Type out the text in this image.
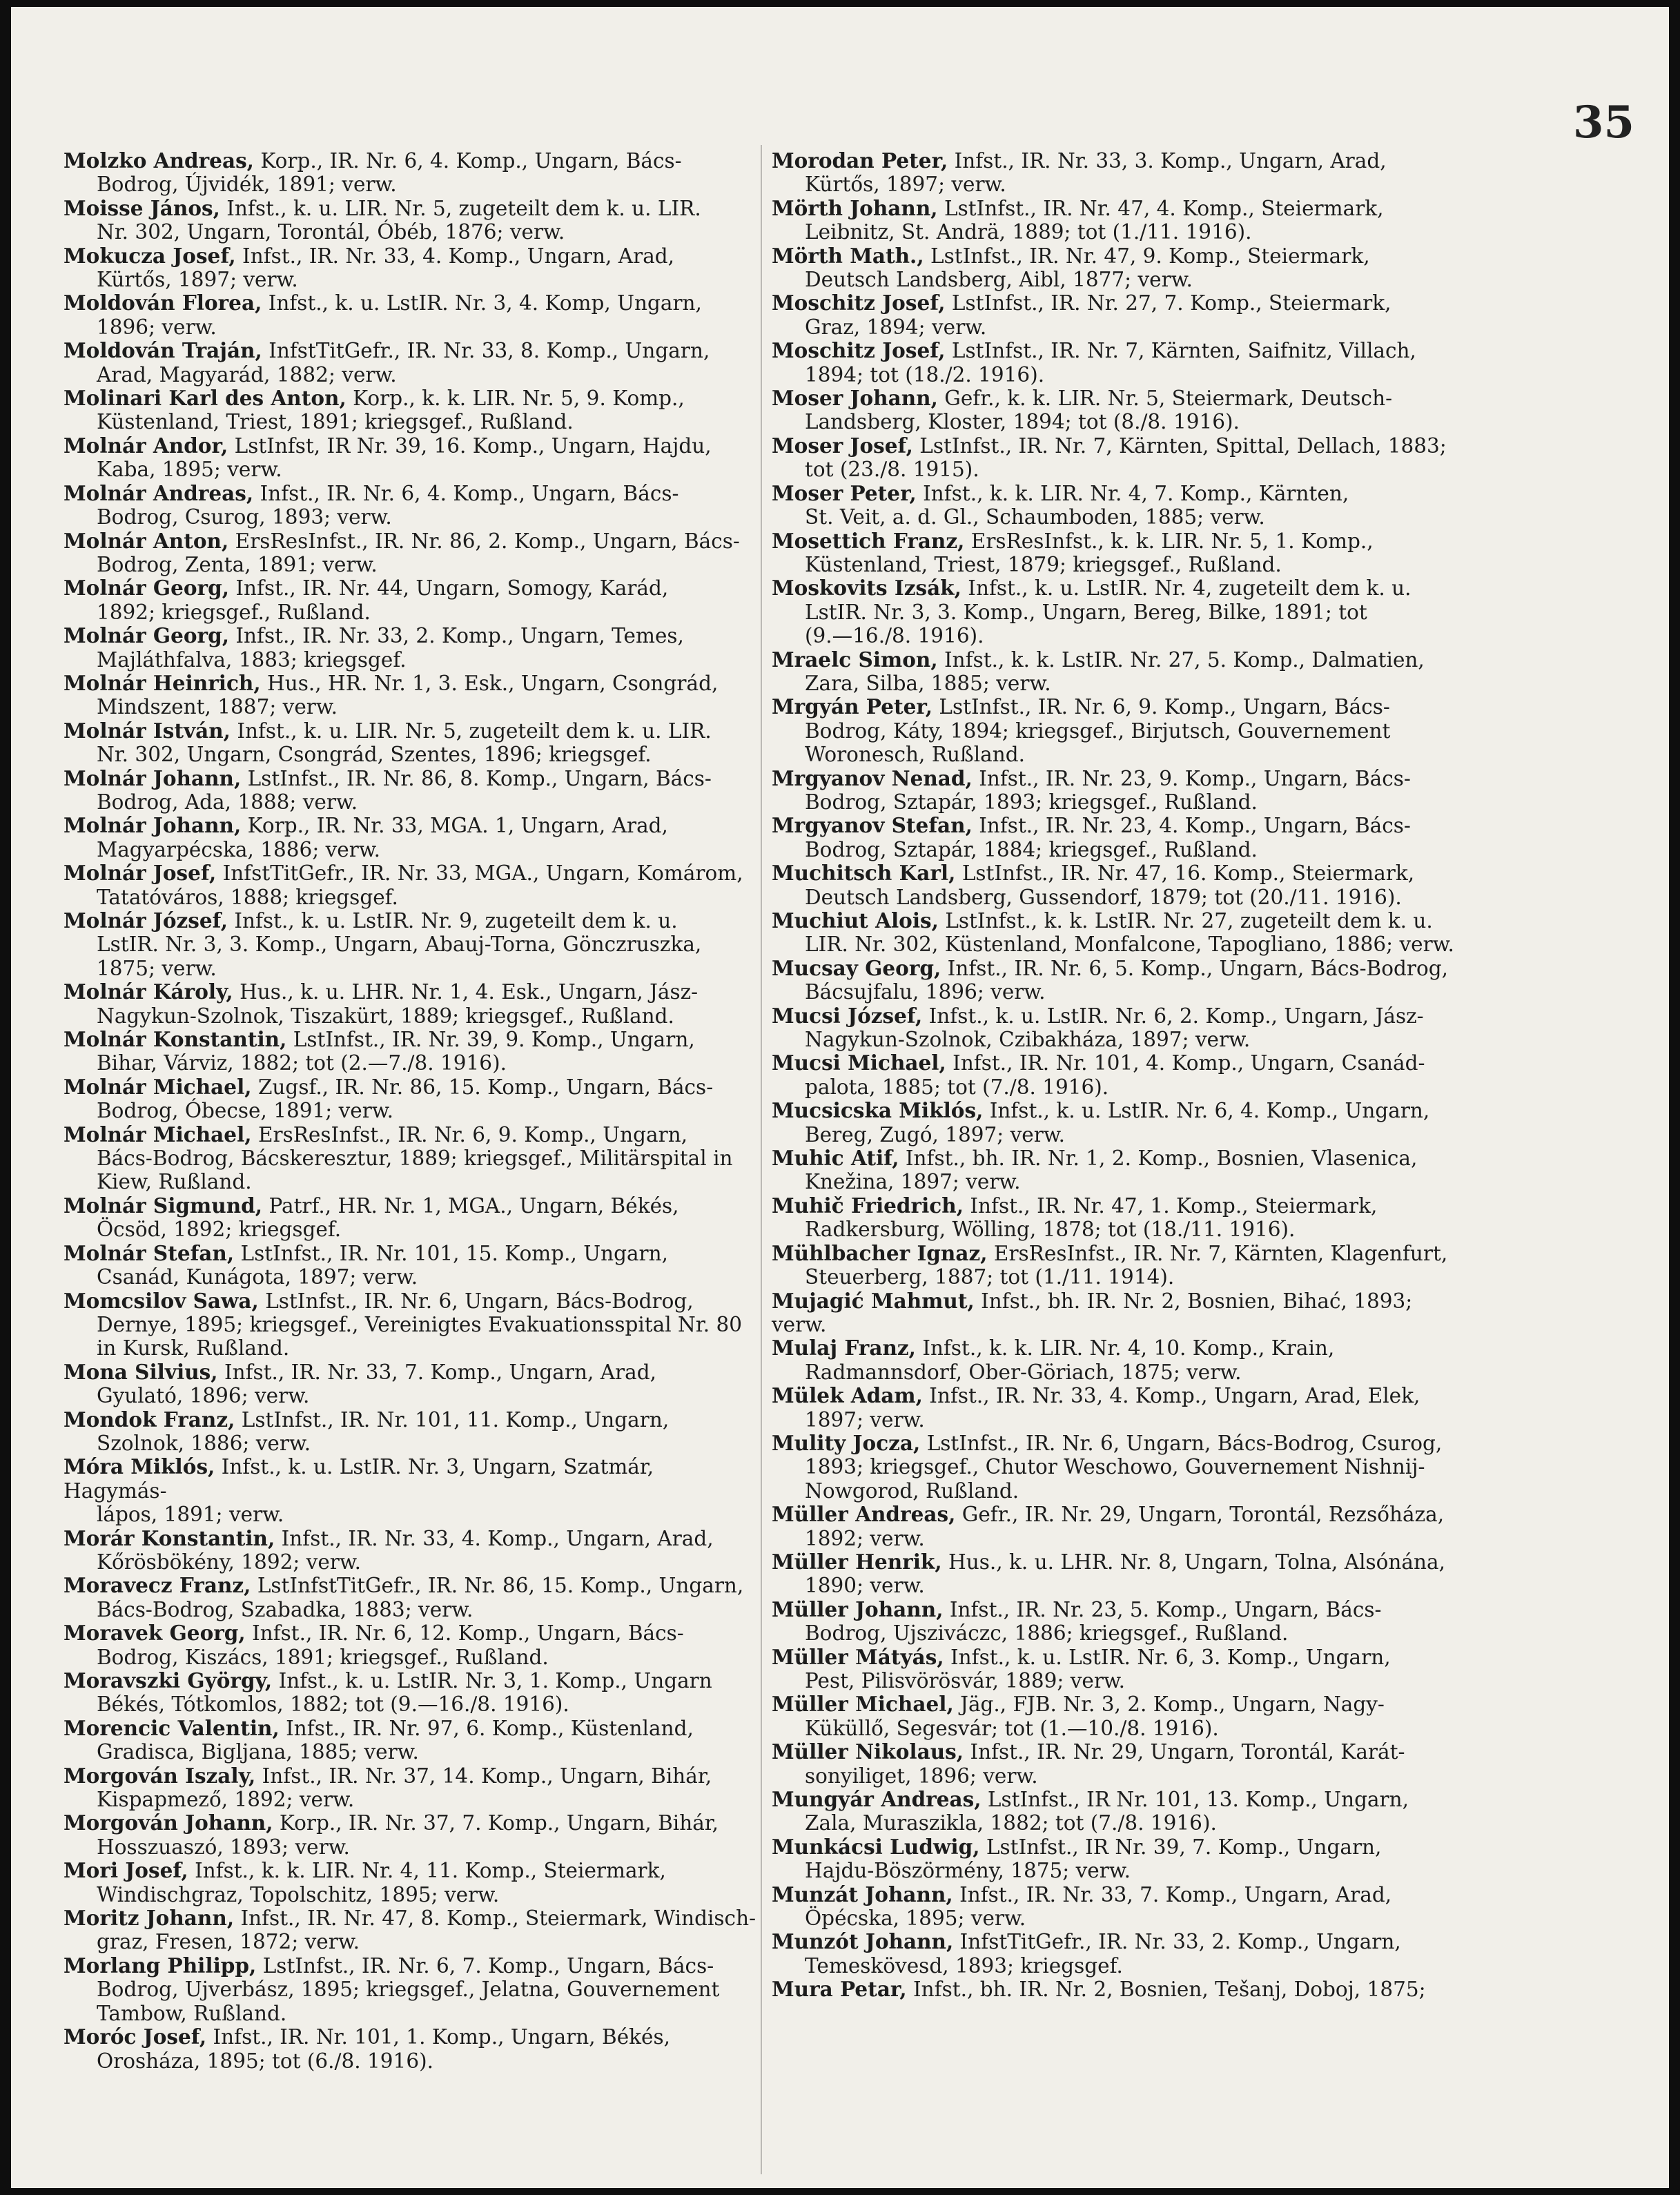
35
Molzko Andreas, Korp., IR. Nr. 6, 4. Komp., Ungarn, Bács-
Bodrog, Újvidék, 1891; verw.
Moisse János, Infst., k. u. LIR. Nr. 5, zugeteilt dem k. u. LIR.
Nr. 302, Ungarn, Torontál, Óbéb, 1876; verw.
Mokucza Josef, Infst., IR. Nr. 33, 4. Komp., Ungarn, Arad,
Kürtős, 1897; verw.
Moldován Florea, Infst., k. u. LstIR. Nr. 3, 4. Komp, Ungarn,
1896; verw.
Moldován Traján, InfstTitGefr., IR. Nr. 33, 8. Komp., Ungarn,
Arad, Magyarád, 1882; verw.
Molinari Karl des Anton, Korp., k. k. LIR. Nr. 5, 9. Komp.,
Küstenland, Triest, 1891; kriegsgef., Rußland.
Molnár Andor, LstInfst, IR Nr. 39, 16. Komp., Ungarn, Hajdu,
Kaba, 1895; verw.
Molnár Andreas, Infst., IR. Nr. 6, 4. Komp., Ungarn, Bács-
Bodrog, Csurog, 1893; verw.
Molnár Anton, ErsResInfst., IR. Nr. 86, 2. Komp., Ungarn, Bács-
Bodrog, Zenta, 1891; verw.
Molnár Georg, Infst., IR. Nr. 44, Ungarn, Somogy, Karád,
1892; kriegsgef., Rußland.
Molnár Georg, Infst., IR. Nr. 33, 2. Komp., Ungarn, Temes,
Majláthfalva, 1883; kriegsgef.
Molnár Heinrich, Hus., HR. Nr. 1, 3. Esk., Ungarn, Csongrád,
Mindszent, 1887; verw.
Molnár István, Infst., k. u. LIR. Nr. 5, zugeteilt dem k. u. LIR.
Nr. 302, Ungarn, Csongrád, Szentes, 1896; kriegsgef.
Molnár Johann, LstInfst., IR. Nr. 86, 8. Komp., Ungarn, Bács-
Bodrog, Ada, 1888; verw.
Molnár Johann, Korp., IR. Nr. 33, MGA. 1, Ungarn, Arad,
Magyarpécska, 1886; verw.
Molnár Josef, InfstTitGefr., IR. Nr. 33, MGA., Ungarn, Komárom,
Tatatóváros, 1888; kriegsgef.
Molnár József, Infst., k. u. LstIR. Nr. 9, zugeteilt dem k. u.
LstIR. Nr. 3, 3. Komp., Ungarn, Abauj-Torna, Gönczruszka,
1875; verw.
Molnár Károly, Hus., k. u. LHR. Nr. 1, 4. Esk., Ungarn, Jász-
Nagykun-Szolnok, Tiszakürt, 1889; kriegsgef., Rußland.
Molnár Konstantin, LstInfst., IR. Nr. 39, 9. Komp., Ungarn,
Bihar, Várviz, 1882; tot (2.—7./8. 1916).
Molnár Michael, Zugsf., IR. Nr. 86, 15. Komp., Ungarn, Bács-
Bodrog, Óbecse, 1891; verw.
Molnár Michael, ErsResInfst., IR. Nr. 6, 9. Komp., Ungarn,
Bács-Bodrog, Bácskeresztur, 1889; kriegsgef., Militärspital in
Kiew, Rußland.
Molnár Sigmund, Patrf., HR. Nr. 1, MGA., Ungarn, Békés,
Öcsöd, 1892; kriegsgef.
Molnár Stefan, LstInfst., IR. Nr. 101, 15. Komp., Ungarn,
Csanád, Kunágota, 1897; verw.
Momcsilov Sawa, LstInfst., IR. Nr. 6, Ungarn, Bács-Bodrog,
Dernye, 1895; kriegsgef., Vereinigtes Evakuationsspital Nr. 80
in Kursk, Rußland.
Mona Silvius, Infst., IR. Nr. 33, 7. Komp., Ungarn, Arad,
Gyulató, 1896; verw.
Mondok Franz, LstInfst., IR. Nr. 101, 11. Komp., Ungarn,
Szolnok, 1886; verw.
Móra Miklós, Infst., k. u. LstIR. Nr. 3, Ungarn, Szatmár, Hagymás-
lápos, 1891; verw.
Morár Konstantin, Infst., IR. Nr. 33, 4. Komp., Ungarn, Arad,
Kőrösbökény, 1892; verw.
Moravecz Franz, LstInfstTitGefr., IR. Nr. 86, 15. Komp., Ungarn,
Bács-Bodrog, Szabadka, 1883; verw.
Moravek Georg, Infst., IR. Nr. 6, 12. Komp., Ungarn, Bács-
Bodrog, Kiszács, 1891; kriegsgef., Rußland.
Moravszki György, Infst., k. u. LstIR. Nr. 3, 1. Komp., Ungarn
Békés, Tótkomlos, 1882; tot (9.—16./8. 1916).
Morencic Valentin, Infst., IR. Nr. 97, 6. Komp., Küstenland,
Gradisca, Bigljana, 1885; verw.
Morgován Iszaly, Infst., IR. Nr. 37, 14. Komp., Ungarn, Bihár,
Kispapmező, 1892; verw.
Morgován Johann, Korp., IR. Nr. 37, 7. Komp., Ungarn, Bihár,
Hosszuaszó, 1893; verw.
Mori Josef, Infst., k. k. LIR. Nr. 4, 11. Komp., Steiermark,
Windischgraz, Topolschitz, 1895; verw.
Moritz Johann, Infst., IR. Nr. 47, 8. Komp., Steiermark, Windisch-
graz, Fresen, 1872; verw.
Morlang Philipp, LstInfst., IR. Nr. 6, 7. Komp., Ungarn, Bács-
Bodrog, Ujverbász, 1895; kriegsgef., Jelatna, Gouvernement
Tambow, Rußland.
Moróc Josef, Infst., IR. Nr. 101, 1. Komp., Ungarn, Békés,
Orosháza, 1895; tot (6./8. 1916).
Morodan Peter, Infst., IR. Nr. 33, 3. Komp., Ungarn, Arad,
Kürtős, 1897; verw.
Mörth Johann, LstInfst., IR. Nr. 47, 4. Komp., Steiermark,
Leibnitz, St. Andrä, 1889; tot (1./11. 1916).
Mörth Math., LstInfst., IR. Nr. 47, 9. Komp., Steiermark,
Deutsch Landsberg, Aibl, 1877; verw.
Moschitz Josef, LstInfst., IR. Nr. 27, 7. Komp., Steiermark,
Graz, 1894; verw.
Moschitz Josef, LstInfst., IR. Nr. 7, Kärnten, Saifnitz, Villach,
1894; tot (18./2. 1916).
Moser Johann, Gefr., k. k. LIR. Nr. 5, Steiermark, Deutsch-
Landsberg, Kloster, 1894; tot (8./8. 1916).
Moser Josef, LstInfst., IR. Nr. 7, Kärnten, Spittal, Dellach, 1883;
tot (23./8. 1915).
Moser Peter, Infst., k. k. LIR. Nr. 4, 7. Komp., Kärnten,
St. Veit, a. d. Gl., Schaumboden, 1885; verw.
Mosettich Franz, ErsResInfst., k. k. LIR. Nr. 5, 1. Komp.,
Küstenland, Triest, 1879; kriegsgef., Rußland.
Moskovits Izsák, Infst., k. u. LstIR. Nr. 4, zugeteilt dem k. u.
LstIR. Nr. 3, 3. Komp., Ungarn, Bereg, Bilke, 1891; tot
(9.—16./8. 1916).
Mraelc Simon, Infst., k. k. LstIR. Nr. 27, 5. Komp., Dalmatien,
Zara, Silba, 1885; verw.
Mrgyán Peter, LstInfst., IR. Nr. 6, 9. Komp., Ungarn, Bács-
Bodrog, Káty, 1894; kriegsgef., Birjutsch, Gouvernement
Woronesch, Rußland.
Mrgyanov Nenad, Infst., IR. Nr. 23, 9. Komp., Ungarn, Bács-
Bodrog, Sztapár, 1893; kriegsgef., Rußland.
Mrgyanov Stefan, Infst., IR. Nr. 23, 4. Komp., Ungarn, Bács-
Bodrog, Sztapár, 1884; kriegsgef., Rußland.
Muchitsch Karl, LstInfst., IR. Nr. 47, 16. Komp., Steiermark,
Deutsch Landsberg, Gussendorf, 1879; tot (20./11. 1916).
Muchiut Alois, LstInfst., k. k. LstIR. Nr. 27, zugeteilt dem k. u.
LIR. Nr. 302, Küstenland, Monfalcone, Tapogliano, 1886; verw.
Mucsay Georg, Infst., IR. Nr. 6, 5. Komp., Ungarn, Bács-Bodrog,
Bácsujfalu, 1896; verw.
Mucsi József, Infst., k. u. LstIR. Nr. 6, 2. Komp., Ungarn, Jász-
Nagykun-Szolnok, Czibakháza, 1897; verw.
Mucsi Michael, Infst., IR. Nr. 101, 4. Komp., Ungarn, Csanád-
palota, 1885; tot (7./8. 1916).
Mucsicska Miklós, Infst., k. u. LstIR. Nr. 6, 4. Komp., Ungarn,
Bereg, Zugó, 1897; verw.
Muhic Atif, Infst., bh. IR. Nr. 1, 2. Komp., Bosnien, Vlasenica,
Knežina, 1897; verw.
Muhič Friedrich, Infst., IR. Nr. 47, 1. Komp., Steiermark,
Radkersburg, Wölling, 1878; tot (18./11. 1916).
Mühlbacher Ignaz, ErsResInfst., IR. Nr. 7, Kärnten, Klagenfurt,
Steuerberg, 1887; tot (1./11. 1914).
Mujagić Mahmut, Infst., bh. IR. Nr. 2, Bosnien, Bihać, 1893; verw.
Mulaj Franz, Infst., k. k. LIR. Nr. 4, 10. Komp., Krain,
Radmannsdorf, Ober-Göriach, 1875; verw.
Mülek Adam, Infst., IR. Nr. 33, 4. Komp., Ungarn, Arad, Elek,
1897; verw.
Mulity Jocza, LstInfst., IR. Nr. 6, Ungarn, Bács-Bodrog, Csurog,
1893; kriegsgef., Chutor Weschowo, Gouvernement Nishnij-
Nowgorod, Rußland.
Müller Andreas, Gefr., IR. Nr. 29, Ungarn, Torontál, Rezsőháza,
1892; verw.
Müller Henrik, Hus., k. u. LHR. Nr. 8, Ungarn, Tolna, Alsónána,
1890; verw.
Müller Johann, Infst., IR. Nr. 23, 5. Komp., Ungarn, Bács-
Bodrog, Ujsziváczc, 1886; kriegsgef., Rußland.
Müller Mátyás, Infst., k. u. LstIR. Nr. 6, 3. Komp., Ungarn,
Pest, Pilisvörösvár, 1889; verw.
Müller Michael, Jäg., FJB. Nr. 3, 2. Komp., Ungarn, Nagy-
Küküllő, Segesvár; tot (1.—10./8. 1916).
Müller Nikolaus, Infst., IR. Nr. 29, Ungarn, Torontál, Karát-
sonyiliget, 1896; verw.
Mungyár Andreas, LstInfst., IR Nr. 101, 13. Komp., Ungarn,
Zala, Muraszikla, 1882; tot (7./8. 1916).
Munkácsi Ludwig, LstInfst., IR Nr. 39, 7. Komp., Ungarn,
Hajdu-Böszörmény, 1875; verw.
Munzát Johann, Infst., IR. Nr. 33, 7. Komp., Ungarn, Arad,
Öpécska, 1895; verw.
Munzót Johann, InfstTitGefr., IR. Nr. 33, 2. Komp., Ungarn,
Temeskövesd, 1893; kriegsgef.
Mura Petar, Infst., bh. IR. Nr. 2, Bosnien, Tešanj, Doboj, 1875;
